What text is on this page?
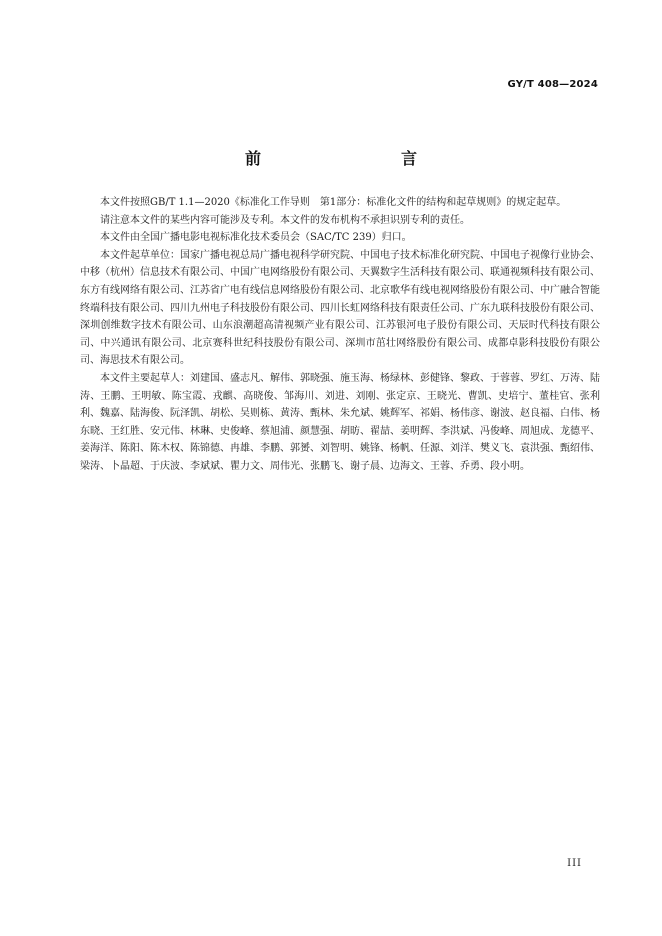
GY/T 408—2024
前　　言

本文件按照GB/T 1.1—2020《标准化工作导则　第1部分：标准化文件的结构和起草规则》的规定起草。

请注意本文件的某些内容可能涉及专利。本文件的发布机构不承担识别专利的责任。

本文件由全国广播电影电视标准化技术委员会（SAC/TC 239）归口。

本文件起草单位：国家广播电视总局广播电视科学研究院、中国电子技术标准化研究院、中国电子视像行业协会、中移（杭州）信息技术有限公司、中国广电网络股份有限公司、天翼数字生活科技有限公司、联通视频科技有限公司、东方有线网络有限公司、江苏省广电有线信息网络股份有限公司、北京歌华有线电视网络股份有限公司、中广融合智能终端科技有限公司、四川九州电子科技股份有限公司、四川长虹网络科技有限责任公司、广东九联科技股份有限公司、深圳创维数字技术有限公司、山东浪潮超高清视频产业有限公司、江苏银河电子股份有限公司、天辰时代科技有限公司、中兴通讯有限公司、北京赛科世纪科技股份有限公司、深圳市茁壮网络股份有限公司、成都卓影科技股份有限公司、海思技术有限公司。

本文件主要起草人：刘建国、盛志凡、解伟、郭晓强、施玉海、杨绿林、彭健锋、黎政、于蓉蓉、罗红、万涛、陆涛、王鹏、王明敏、陈宝霞、戎麒、高晓俊、邹海川、刘进、刘刚、张定京、王晓光、曹凯、史培宁、董桂官、张利利、魏嘉、陆海俊、阮泽凯、胡松、吴则栋、黄涛、甄林、朱允斌、姚辉军、祁娟、杨伟彦、谢波、赵良福、白伟、杨东晓、王红胜、安元伟、林琳、史俊峰、蔡旭浦、颜慧强、胡昉、翟喆、姜明辉、李洪斌、冯俊峰、周旭成、龙德平、姜海洋、陈阳、陈木权、陈锦德、冉雄、李鹏、郭赟、刘智明、姚锋、杨帆、任源、刘洋、樊义飞、袁洪强、甄绍伟、梁涛、卜晶超、于庆波、李斌斌、瞿力文、周伟光、张鹏飞、谢子晨、边海文、王蓉、乔勇、段小明。

III
